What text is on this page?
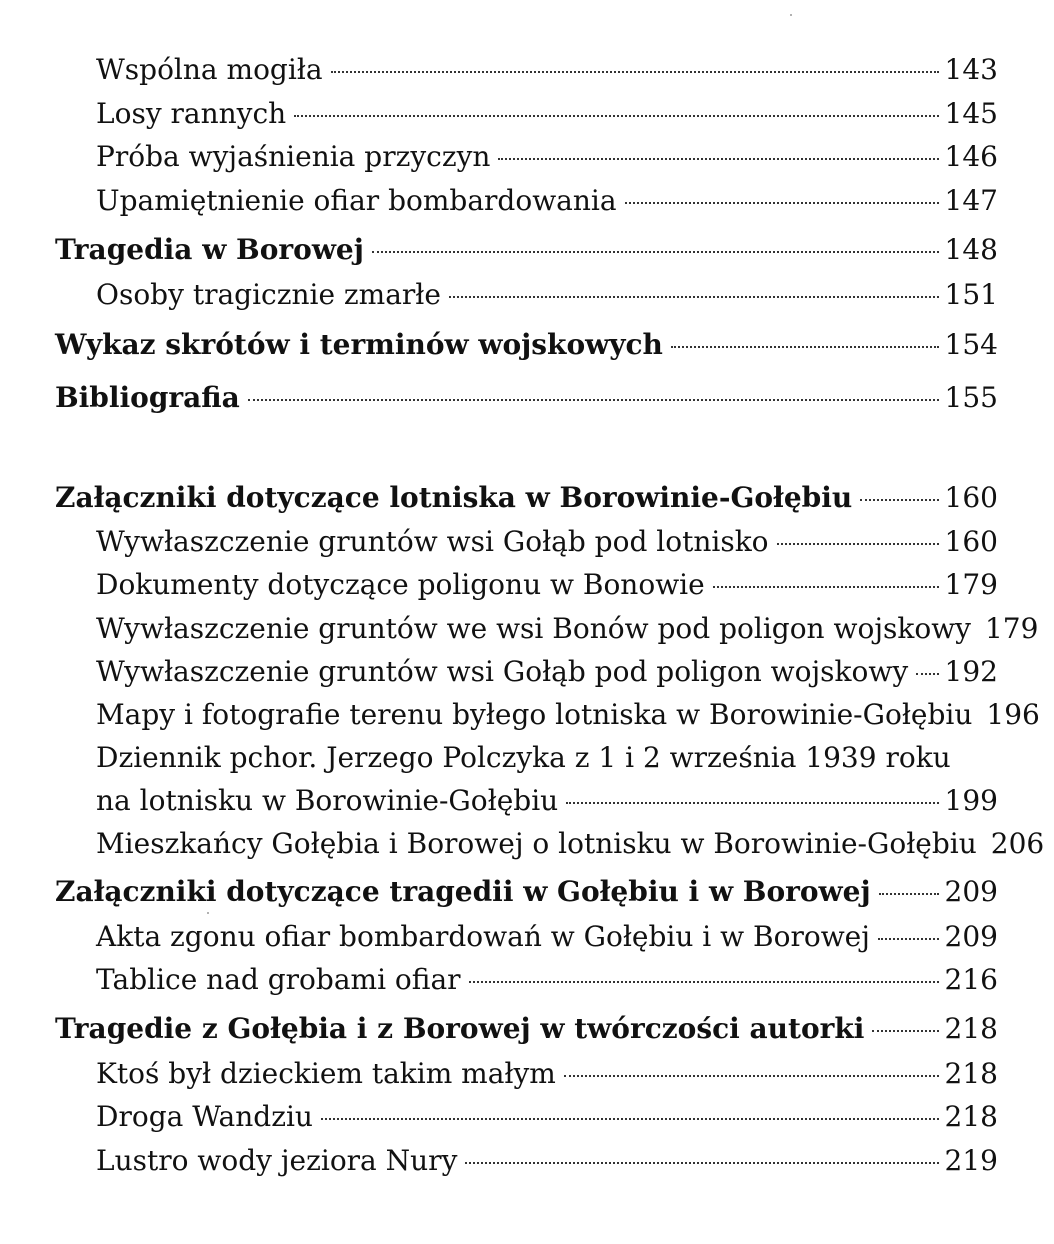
Wspólna mogiła	143
Losy rannych	145
Próba wyjaśnienia przyczyn	146
Upamiętnienie ofiar bombardowania	147
Tragedia w Borowej	148
Osoby tragicznie zmarłe	151
Wykaz skrótów i terminów wojskowych	154
Bibliografia	155
Załączniki dotyczące lotniska w Borowinie-Gołębiu	160
Wywłaszczenie gruntów wsi Gołąb pod lotnisko	160
Dokumenty dotyczące poligonu w Bonowie	179
Wywłaszczenie gruntów we wsi Bonów pod poligon wojskowy 179
Wywłaszczenie gruntów wsi Gołąb pod poligon wojskowy 192
Mapy i fotografie terenu byłego lotniska w Borowinie-Gołębiu 196
Dziennik pchor. Jerzego Polczyka z 1 i 2 września 1939 roku
na lotnisku w Borowinie-Gołębiu	199
Mieszkańcy Gołębia i Borowej o lotnisku w Borowinie-Gołębiu 206
Załączniki dotyczące tragedii w Gołębiu i w Borowej	209
Akta zgonu ofiar bombardowań w Gołębiu i w Borowej	209
Tablice nad grobami ofiar	216
Tragedie z Gołębia i z Borowej w twórczości autorki	218
Ktoś był dzieckiem takim małym	218
Droga Wandziu	218
Lustro wody jeziora Nury	219
